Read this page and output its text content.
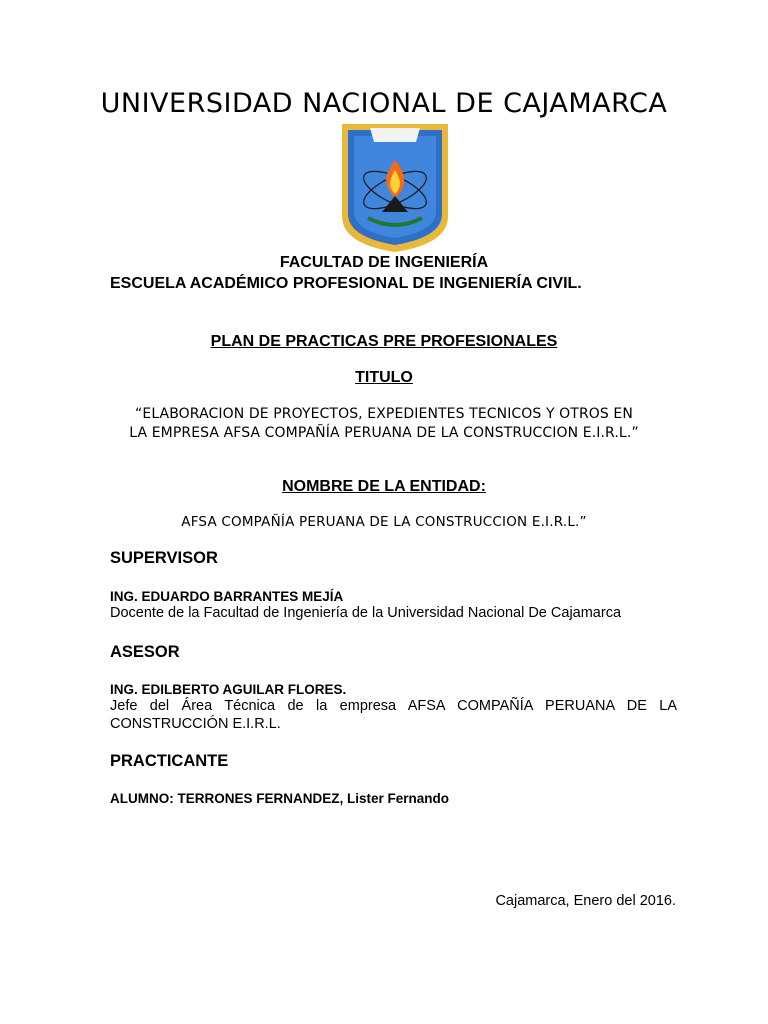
UNIVERSIDAD NACIONAL DE CAJAMARCA
FACULTAD DE INGENIERÍA
ESCUELA ACADÉMICO PROFESIONAL DE INGENIERÍA CIVIL.
PLAN DE PRACTICAS PRE PROFESIONALES
TITULO
“ELABORACION DE PROYECTOS, EXPEDIENTES TECNICOS Y OTROS EN
LA EMPRESA AFSA COMPAÑÍA PERUANA DE LA CONSTRUCCION E.I.R.L.”
NOMBRE DE LA ENTIDAD:
AFSA COMPAÑÍA PERUANA DE LA CONSTRUCCION E.I.R.L.”
SUPERVISOR
ING. EDUARDO BARRANTES MEJÍA
Docente de la Facultad de Ingeniería de la Universidad Nacional De Cajamarca
ASESOR
ING. EDILBERTO AGUILAR FLORES.
Jefe del Área Técnica de la empresa AFSA COMPAÑÍA PERUANA DE LA
CONSTRUCCIÓN E.I.R.L.
PRACTICANTE
ALUMNO: TERRONES FERNANDEZ, Lister Fernando
Cajamarca, Enero del 2016.
